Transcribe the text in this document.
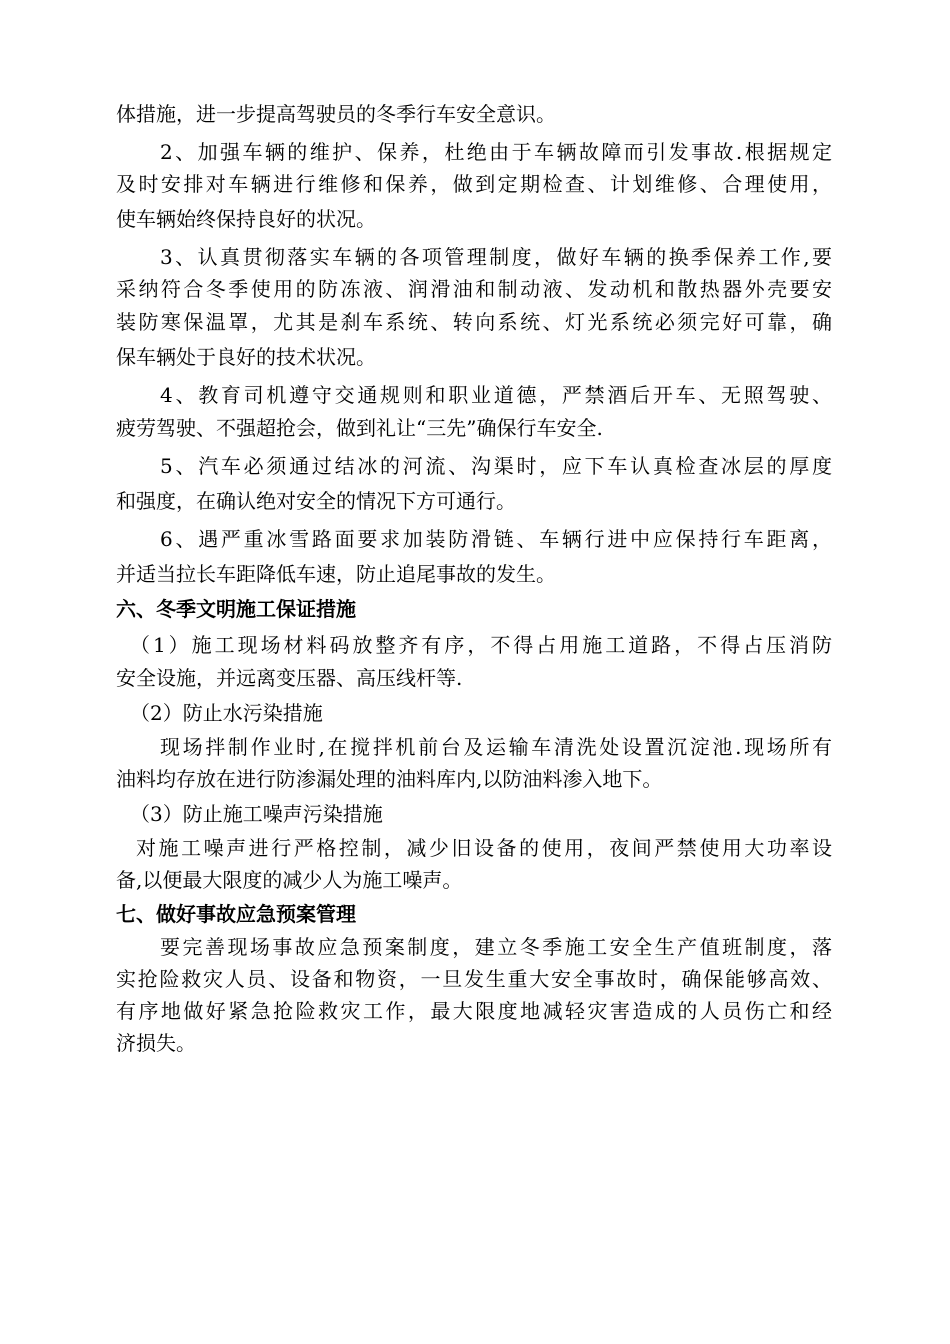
体措施，进一步提高驾驶员的冬季行车安全意识。
2、加强车辆的维护、保养，杜绝由于车辆故障而引发事故.根据规定
及时安排对车辆进行维修和保养，做到定期检查、计划维修、合理使用，
使车辆始终保持良好的状况。
3、认真贯彻落实车辆的各项管理制度，做好车辆的换季保养工作,要
采纳符合冬季使用的防冻液、润滑油和制动液、发动机和散热器外壳要安
装防寒保温罩，尤其是刹车系统、转向系统、灯光系统必须完好可靠，确
保车辆处于良好的技术状况。
4、教育司机遵守交通规则和职业道德，严禁酒后开车、无照驾驶、
疲劳驾驶、不强超抢会，做到礼让“三先”确保行车安全.
5、汽车必须通过结冰的河流、沟渠时，应下车认真检查冰层的厚度
和强度，在确认绝对安全的情况下方可通行。
6、遇严重冰雪路面要求加装防滑链、车辆行进中应保持行车距离，
并适当拉长车距降低车速，防止追尾事故的发生。
六、冬季文明施工保证措施
（1）施工现场材料码放整齐有序，不得占用施工道路，不得占压消防
安全设施，并远离变压器、高压线杆等.
（2）防止水污染措施
现场拌制作业时,在搅拌机前台及运输车清洗处设置沉淀池.现场所有
油料均存放在进行防渗漏处理的油料库内,以防油料渗入地下。
（3）防止施工噪声污染措施
对施工噪声进行严格控制，减少旧设备的使用，夜间严禁使用大功率设
备,以便最大限度的减少人为施工噪声。
七、做好事故应急预案管理
要完善现场事故应急预案制度，建立冬季施工安全生产值班制度，落
实抢险救灾人员、设备和物资，一旦发生重大安全事故时，确保能够高效、
有序地做好紧急抢险救灾工作，最大限度地减轻灾害造成的人员伤亡和经
济损失。
